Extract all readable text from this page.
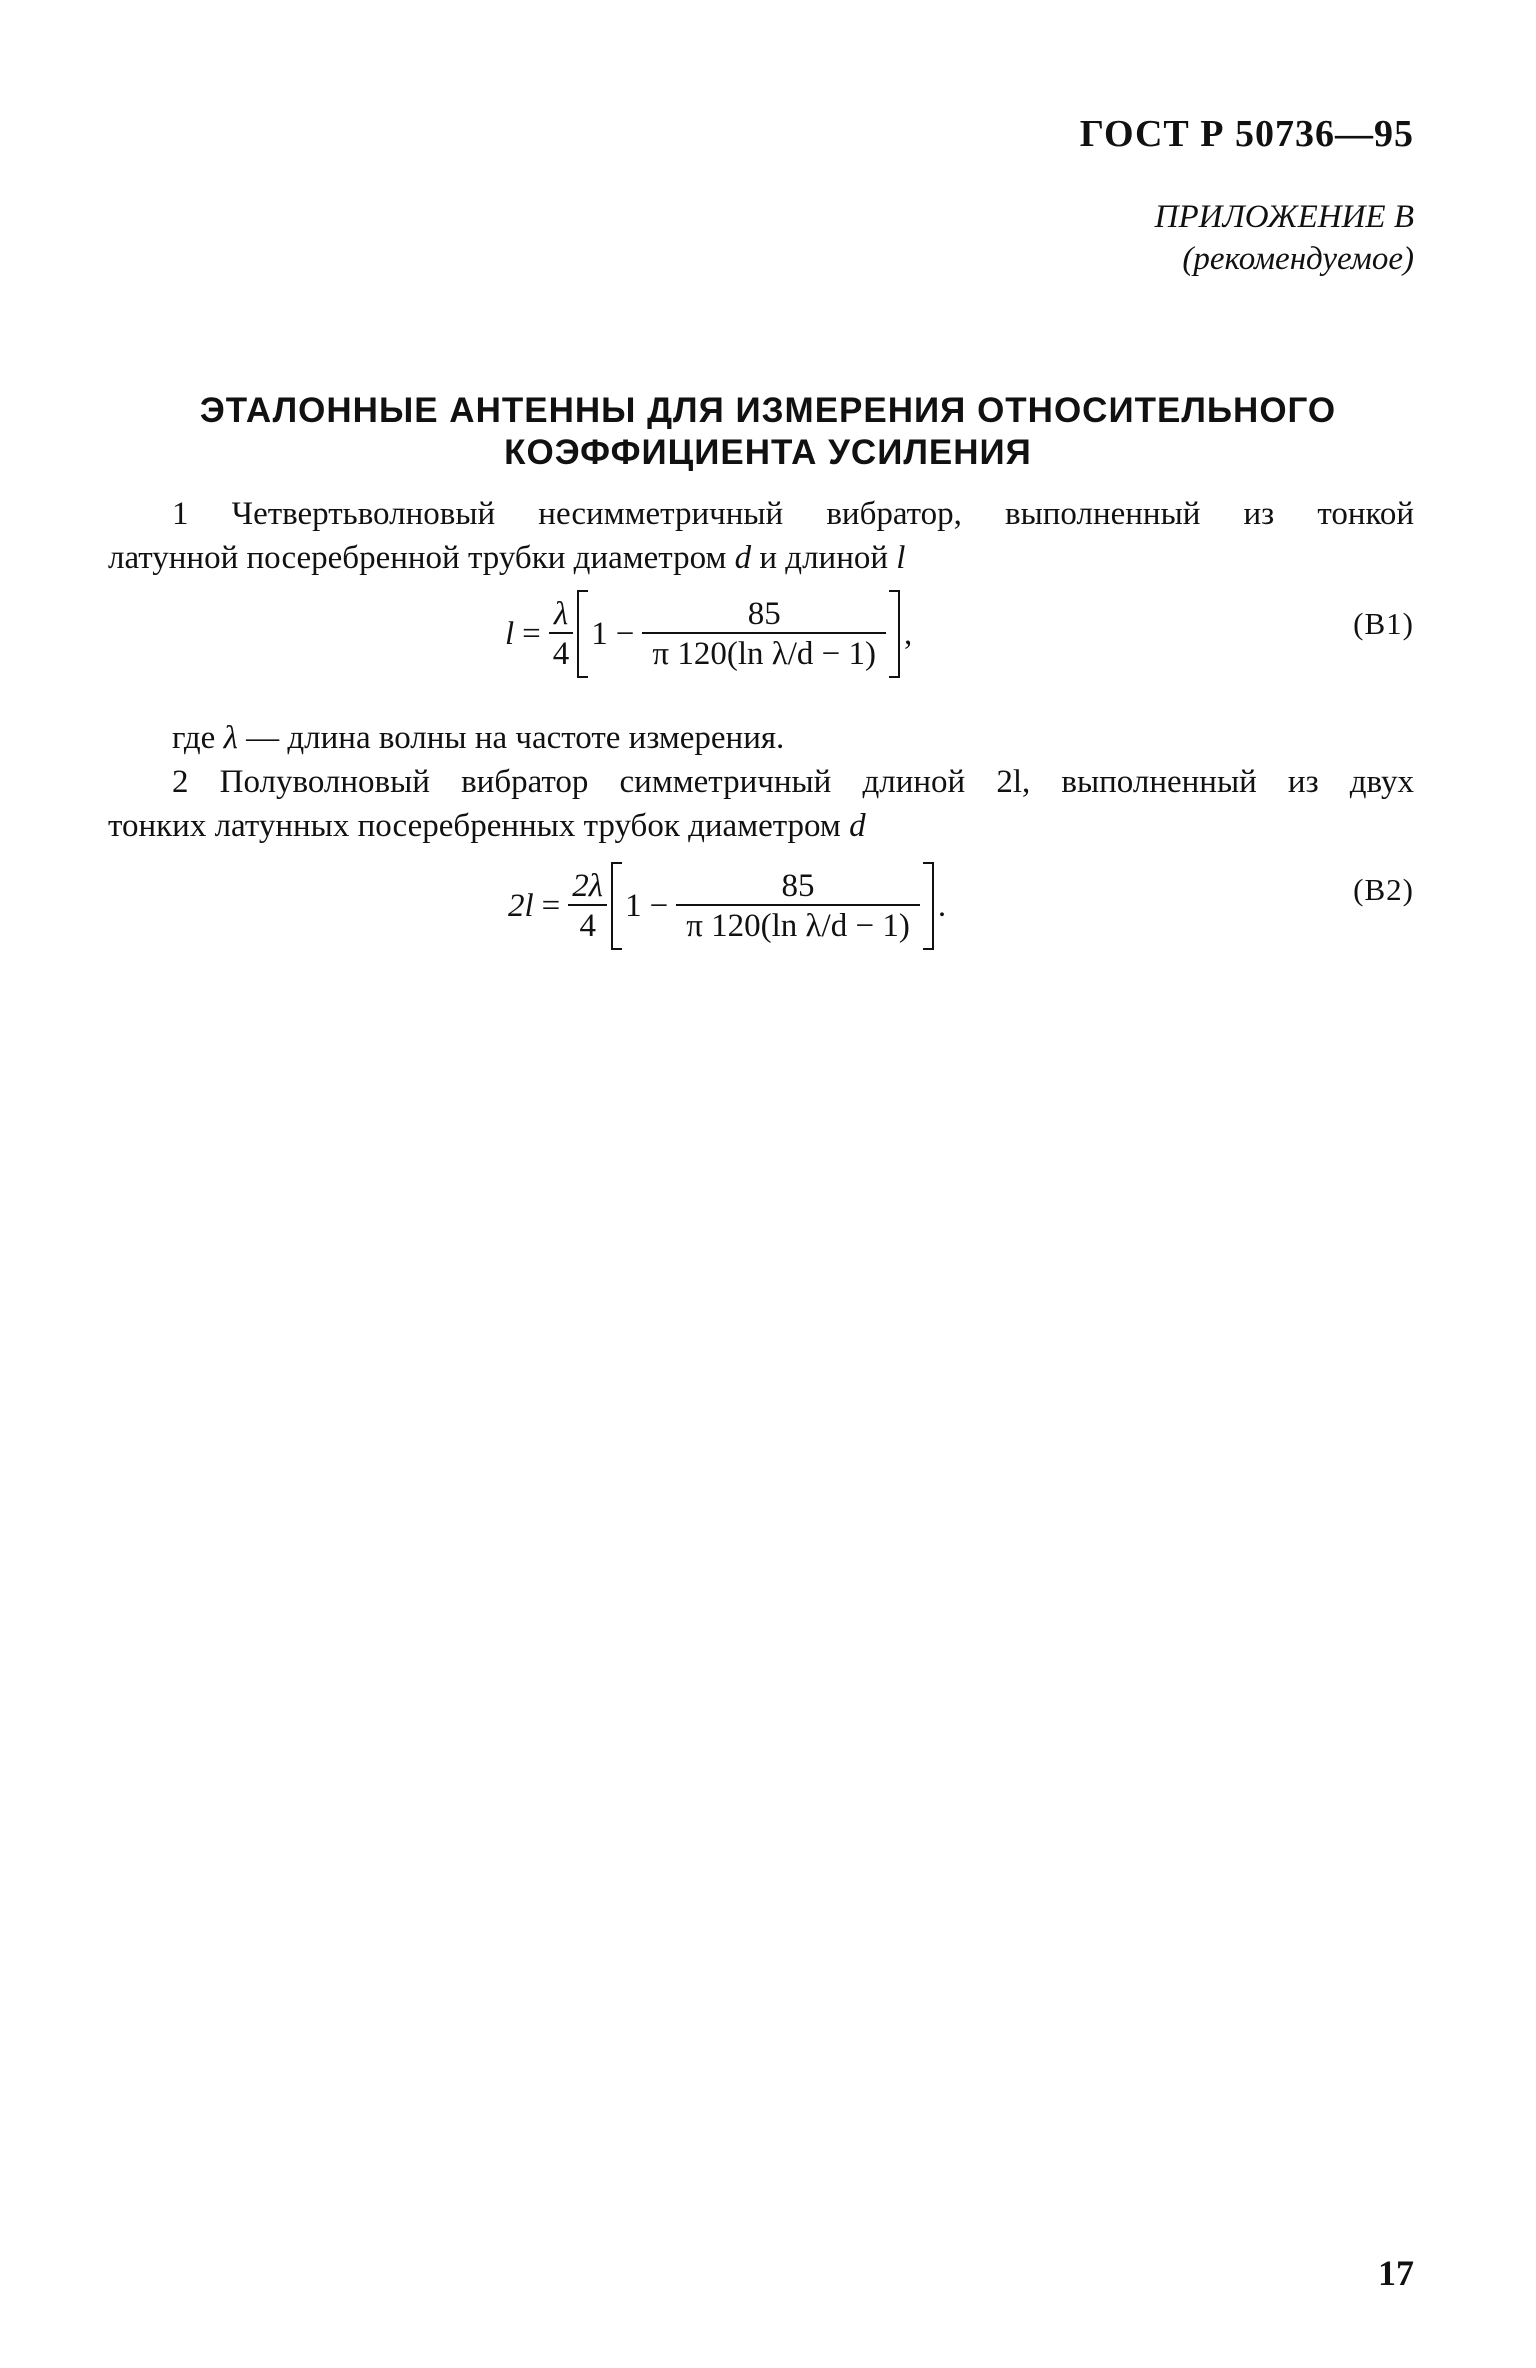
ГОСТ Р 50736—95
ПРИЛОЖЕНИЕ В
(рекомендуемое)
ЭТАЛОННЫЕ АНТЕННЫ ДЛЯ ИЗМЕРЕНИЯ ОТНОСИТЕЛЬНОГО
КОЭФФИЦИЕНТА УСИЛЕНИЯ
1 Четвертьволновый несимметричный вибратор, выполненный из тонкой
латунной посеребренной трубки диаметром d и длиной l
$l = \frac{\lambda}{4} 1 - \frac{85}{\text{π 120(ln λ/d − 1)}}$ ,	(В1)
где λ — длина волны на частоте измерения.
2 Полуволновый вибратор симметричный длиной 2l, выполненный из двух
тонких латунных посеребренных трубок диаметром d
$2l = \frac{2\lambda}{4} 1 - \frac{85}{\text{π 120(ln λ/d − 1)}}$ .	(В2)
17
